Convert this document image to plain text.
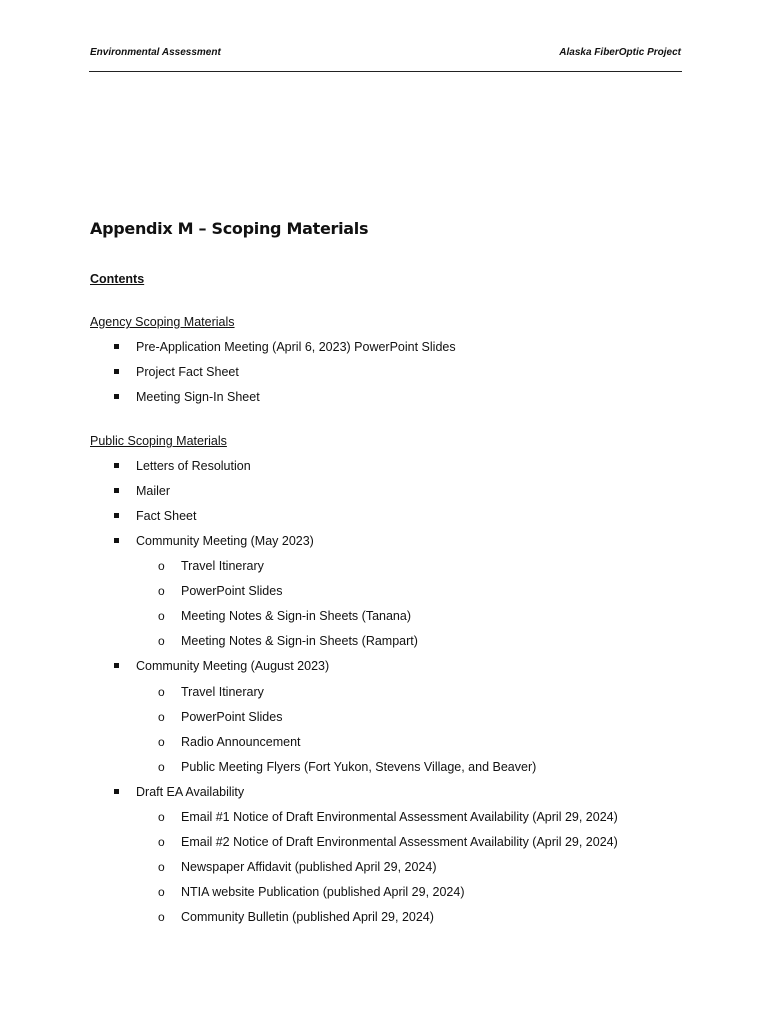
Environmental Assessment	Alaska FiberOptic Project
Appendix M – Scoping Materials
Contents
Agency Scoping Materials
Pre-Application Meeting (April 6, 2023) PowerPoint Slides
Project Fact Sheet
Meeting Sign-In Sheet
Public Scoping Materials
Letters of Resolution
Mailer
Fact Sheet
Community Meeting (May 2023)
o Travel Itinerary
o PowerPoint Slides
o Meeting Notes & Sign-in Sheets (Tanana)
o Meeting Notes & Sign-in Sheets (Rampart)
Community Meeting (August 2023)
o Travel Itinerary
o PowerPoint Slides
o Radio Announcement
o Public Meeting Flyers (Fort Yukon, Stevens Village, and Beaver)
Draft EA Availability
o Email #1 Notice of Draft Environmental Assessment Availability (April 29, 2024)
o Email #2 Notice of Draft Environmental Assessment Availability (April 29, 2024)
o Newspaper Affidavit (published April 29, 2024)
o NTIA website Publication (published April 29, 2024)
o Community Bulletin (published April 29, 2024)
